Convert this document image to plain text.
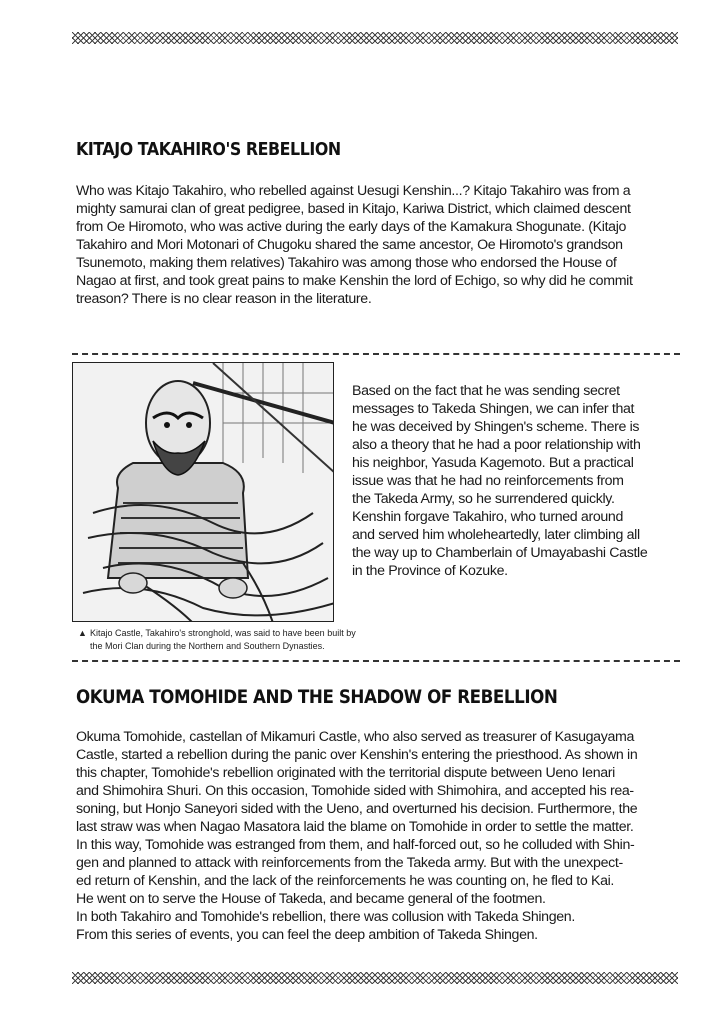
KITAJO TAKAHIRO'S REBELLION
Who was Kitajo Takahiro, who rebelled against Uesugi Kenshin...? Kitajo Takahiro was from a
mighty samurai clan of great pedigree, based in Kitajo, Kariwa District, which claimed descent
from Oe Hiromoto, who was active during the early days of the Kamakura Shogunate. (Kitajo
Takahiro and Mori Motonari of Chugoku shared the same ancestor, Oe Hiromoto's grandson
Tsunemoto, making them relatives) Takahiro was among those who endorsed the House of
Nagao at first, and took great pains to make Kenshin the lord of Echigo, so why did he commit
treason? There is no clear reason in the literature.
Based on the fact that he was sending secret
messages to Takeda Shingen, we can infer that
he was deceived by Shingen's scheme. There is
also a theory that he had a poor relationship with
his neighbor, Yasuda Kagemoto. But a practical
issue was that he had no reinforcements from
the Takeda Army, so he surrendered quickly.
Kenshin forgave Takahiro, who turned around
and served him wholeheartedly, later climbing all
the way up to Chamberlain of Umayabashi Castle
in the Province of Kozuke.
▲ Kitajo Castle, Takahiro's stronghold, was said to have been built by
the Mori Clan during the Northern and Southern Dynasties.
OKUMA TOMOHIDE AND THE SHADOW OF REBELLION
Okuma Tomohide, castellan of Mikamuri Castle, who also served as treasurer of Kasugayama
Castle, started a rebellion during the panic over Kenshin's entering the priesthood. As shown in
this chapter, Tomohide's rebellion originated with the territorial dispute between Ueno Ienari
and Shimohira Shuri. On this occasion, Tomohide sided with Shimohira, and accepted his rea-
soning, but Honjo Saneyori sided with the Ueno, and overturned his decision. Furthermore, the
last straw was when Nagao Masatora laid the blame on Tomohide in order to settle the matter.
In this way, Tomohide was estranged from them, and half-forced out, so he colluded with Shin-
gen and planned to attack with reinforcements from the Takeda army. But with the unexpect-
ed return of Kenshin, and the lack of the reinforcements he was counting on, he fled to Kai.
He went on to serve the House of Takeda, and became general of the footmen.
In both Takahiro and Tomohide's rebellion, there was collusion with Takeda Shingen.
From this series of events, you can feel the deep ambition of Takeda Shingen.
